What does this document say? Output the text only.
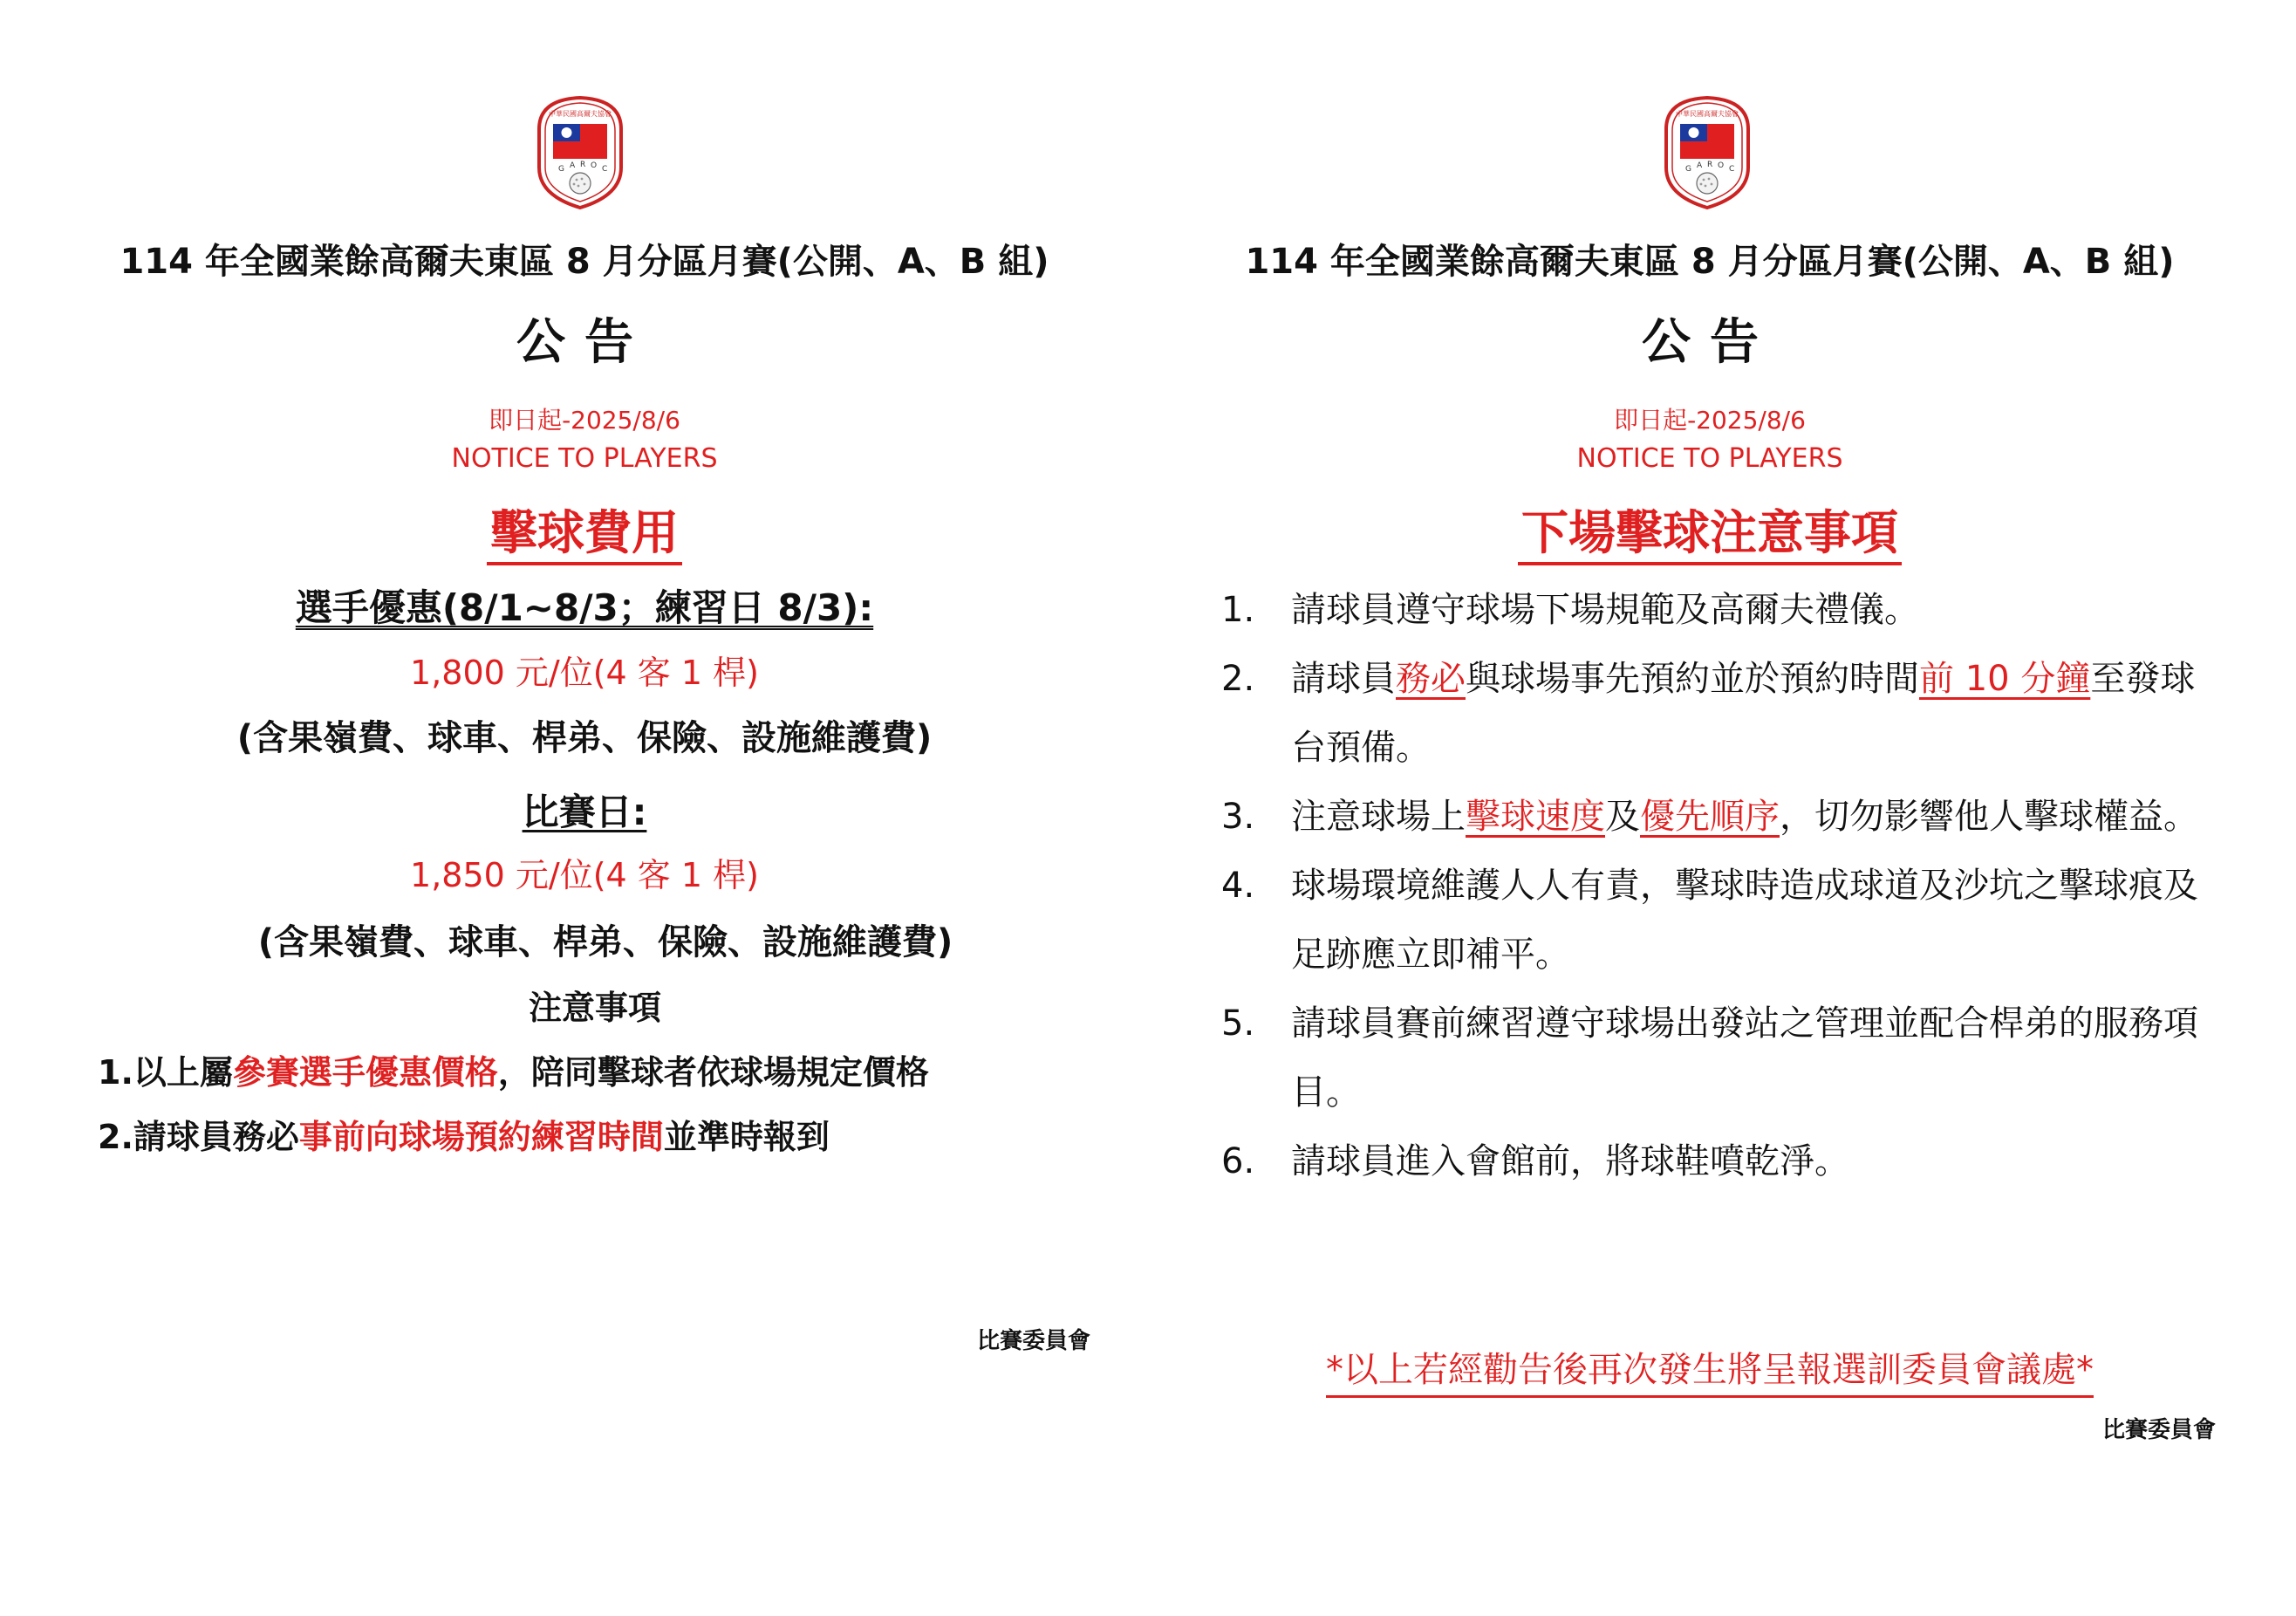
中華民國高爾夫協會
G A R O C
114 年全國業餘高爾夫東區 8 月分區月賽(公開、A、B 組)
公告
即日起-2025/8/6
NOTICE TO PLAYERS
擊球費用
選手優惠(8/1~8/3；練習日 8/3):
1,800 元/位(4 客 1 桿)
(含果嶺費、球車、桿弟、保險、設施維護費)
比賽日:
1,850 元/位(4 客 1 桿)
(含果嶺費、球車、桿弟、保險、設施維護費)
注意事項
1.以上屬參賽選手優惠價格，陪同擊球者依球場規定價格
2.請球員務必事前向球場預約練習時間並準時報到
比賽委員會
中華民國高爾夫協會
G A R O C
114 年全國業餘高爾夫東區 8 月分區月賽(公開、A、B 組)
公告
即日起-2025/8/6
NOTICE TO PLAYERS
下場擊球注意事項
1. 請球員遵守球場下場規範及高爾夫禮儀。
2. 請球員務必與球場事先預約並於預約時間前 10 分鐘至發球台預備。
3. 注意球場上擊球速度及優先順序，切勿影響他人擊球權益。
4. 球場環境維護人人有責，擊球時造成球道及沙坑之擊球痕及足跡應立即補平。
5. 請球員賽前練習遵守球場出發站之管理並配合桿弟的服務項目。
6. 請球員進入會館前，將球鞋噴乾淨。
*以上若經勸告後再次發生將呈報選訓委員會議處*
比賽委員會
